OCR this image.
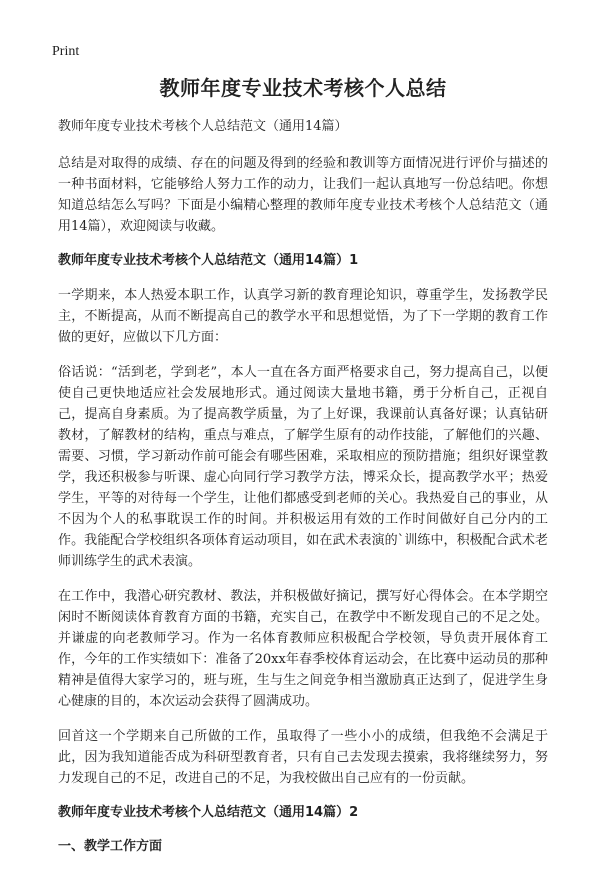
Print
教师年度专业技术考核个人总结
教师年度专业技术考核个人总结范文（通用14篇）

总结是对取得的成绩、存在的问题及得到的经验和教训等方面情况进行评价与描述的一种书面材料，它能够给人努力工作的动力，让我们一起认真地写一份总结吧。你想知道总结怎么写吗？下面是小编精心整理的教师年度专业技术考核个人总结范文（通用14篇），欢迎阅读与收藏。

教师年度专业技术考核个人总结范文（通用14篇）1

一学期来，本人热爱本职工作，认真学习新的教育理论知识，尊重学生，发扬教学民主，不断提高，从而不断提高自己的教学水平和思想觉悟，为了下一学期的教育工作做的更好，应做以下几方面：

俗话说：“活到老，学到老”，本人一直在各方面严格要求自己，努力提高自己，以便使自己更快地适应社会发展地形式。通过阅读大量地书籍，勇于分析自己，正视自己，提高自身素质。为了提高教学质量，为了上好课，我课前认真备好课；认真钻研教材，了解教材的结构，重点与难点，了解学生原有的动作技能，了解他们的兴趣、需要、习惯，学习新动作前可能会有哪些困难，采取相应的预防措施；组织好课堂教学，我还积极参与听课、虚心向同行学习教学方法，博采众长，提高教学水平；热爱学生，平等的对待每一个学生，让他们都感受到老师的关心。我热爱自己的事业，从不因为个人的私事耽误工作的时间。并积极运用有效的工作时间做好自己分内的工作。我能配合学校组织各项体育运动项目，如在武术表演的`训练中，积极配合武术老师训练学生的武术表演。

在工作中，我潜心研究教材、教法，并积极做好摘记，撰写好心得体会。在本学期空闲时不断阅读体育教育方面的书籍，充实自己，在教学中不断发现自己的不足之处。并谦虚的向老教师学习。作为一名体育教师应积极配合学校领，导负责开展体育工作，今年的工作实绩如下：准备了20xx年春季校体育运动会，在比赛中运动员的那种精神是值得大家学习的，班与班，生与生之间竞争相当激励真正达到了，促进学生身心健康的目的，本次运动会获得了圆满成功。

回首这一个学期来自己所做的工作，虽取得了一些小小的成绩，但我绝不会满足于此，因为我知道能否成为科研型教育者，只有自己去发现去摸索，我将继续努力，努力发现自己的不足，改进自己的不足，为我校做出自己应有的一份贡献。

教师年度专业技术考核个人总结范文（通用14篇）2
一、教学工作方面
